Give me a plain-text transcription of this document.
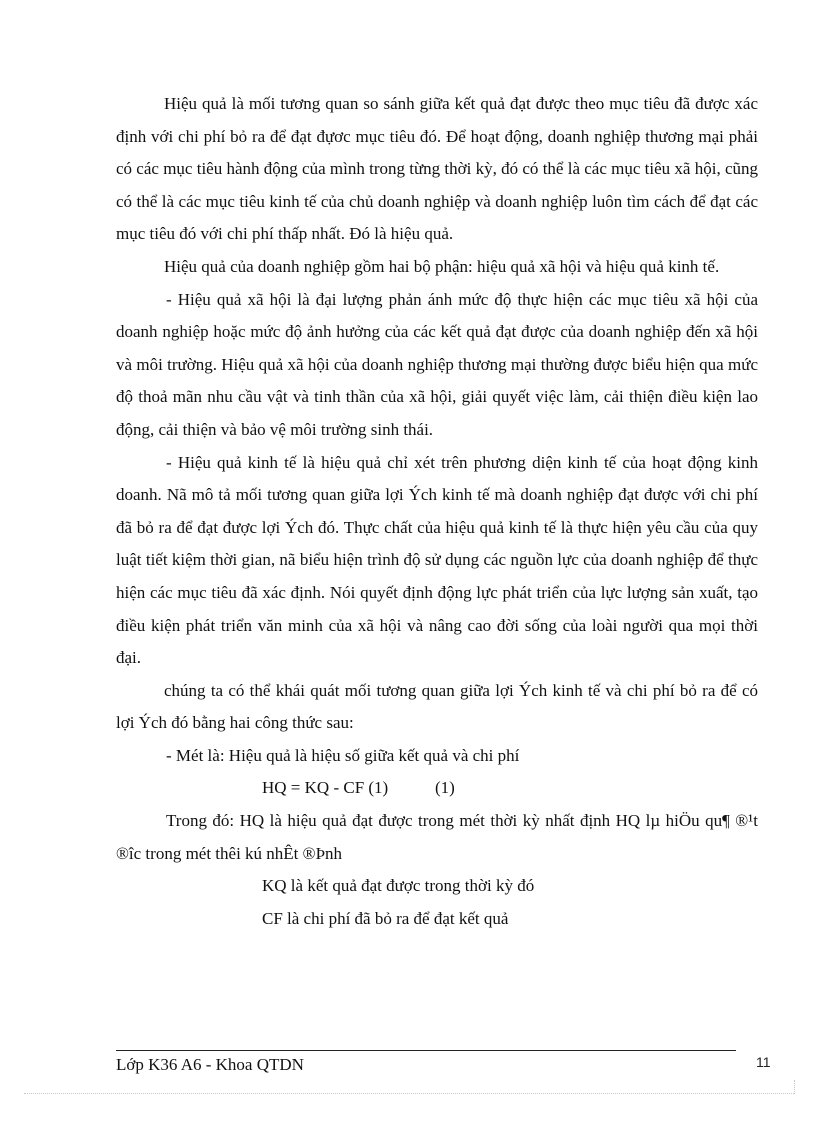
Hiệu quả là mối tương quan so sánh giữa kết quả đạt được theo mục tiêu đã được xác định với chi phí bỏ ra để đạt đựơc mục tiêu đó. Để hoạt động, doanh nghiệp thương mại phải có các mục tiêu hành động của mình trong từng thời kỳ, đó có thể là các mục tiêu xã hội, cũng có thể là các mục tiêu kinh tế của chủ doanh nghiệp và doanh nghiệp luôn tìm cách để đạt các mục tiêu đó với chi phí thấp nhất. Đó là hiệu quả.

Hiệu quả của doanh nghiệp gồm hai bộ phận: hiệu quả xã hội và hiệu quả kinh tế.

- Hiệu quả xã hội là đại lượng phản ánh mức độ thực hiện các mục tiêu xã hội của doanh nghiệp hoặc mức độ ảnh hưởng của các kết quả đạt được của doanh nghiệp đến xã hội và môi trường. Hiệu quả xã hội của doanh nghiệp thương mại thường được biểu hiện qua mức độ thoả mãn nhu cầu vật và tinh thần của xã hội, giải quyết việc làm, cải thiện điều kiện lao động, cải thiện và bảo vệ môi trường sinh thái.

- Hiệu quả kinh tế là hiệu quả chỉ xét trên phương diện kinh tế của hoạt động kinh doanh. Nã mô tả mối tương quan giữa lợi Ých kinh tế mà doanh nghiệp đạt được với chi phí đã bỏ ra để đạt được lợi Ých đó. Thực chất của hiệu quả kinh tế là thực hiện yêu cầu của quy luật tiết kiệm thời gian, nã biểu hiện trình độ sử dụng các nguồn lực của doanh nghiệp để thực hiện các mục tiêu đã xác định. Nói quyết định động lực phát triển của lực lượng sản xuất, tạo điều kiện phát triển văn minh của xã hội và nâng cao đời sống của loài người qua mọi thời đại.

chúng ta có thể khái quát mối tương quan giữa lợi Ých kinh tế và chi phí bỏ ra để có lợi Ých đó bằng hai công thức sau:

- Mét là: Hiệu quả là hiệu số giữa kết quả và chi phí

HQ = KQ - CF (1)           (1)

Trong đó: HQ là hiệu quả đạt được trong mét thời kỳ nhất định HQ lµ hiÖu qu¶ ®¹t ®îc trong mét thêi kú nhÊt ®Þnh

KQ là kết quả đạt được trong thời kỳ đó

CF là chi phí đã bỏ ra để đạt kết quả

Lớp K36 A6 - Khoa QTDN	11
